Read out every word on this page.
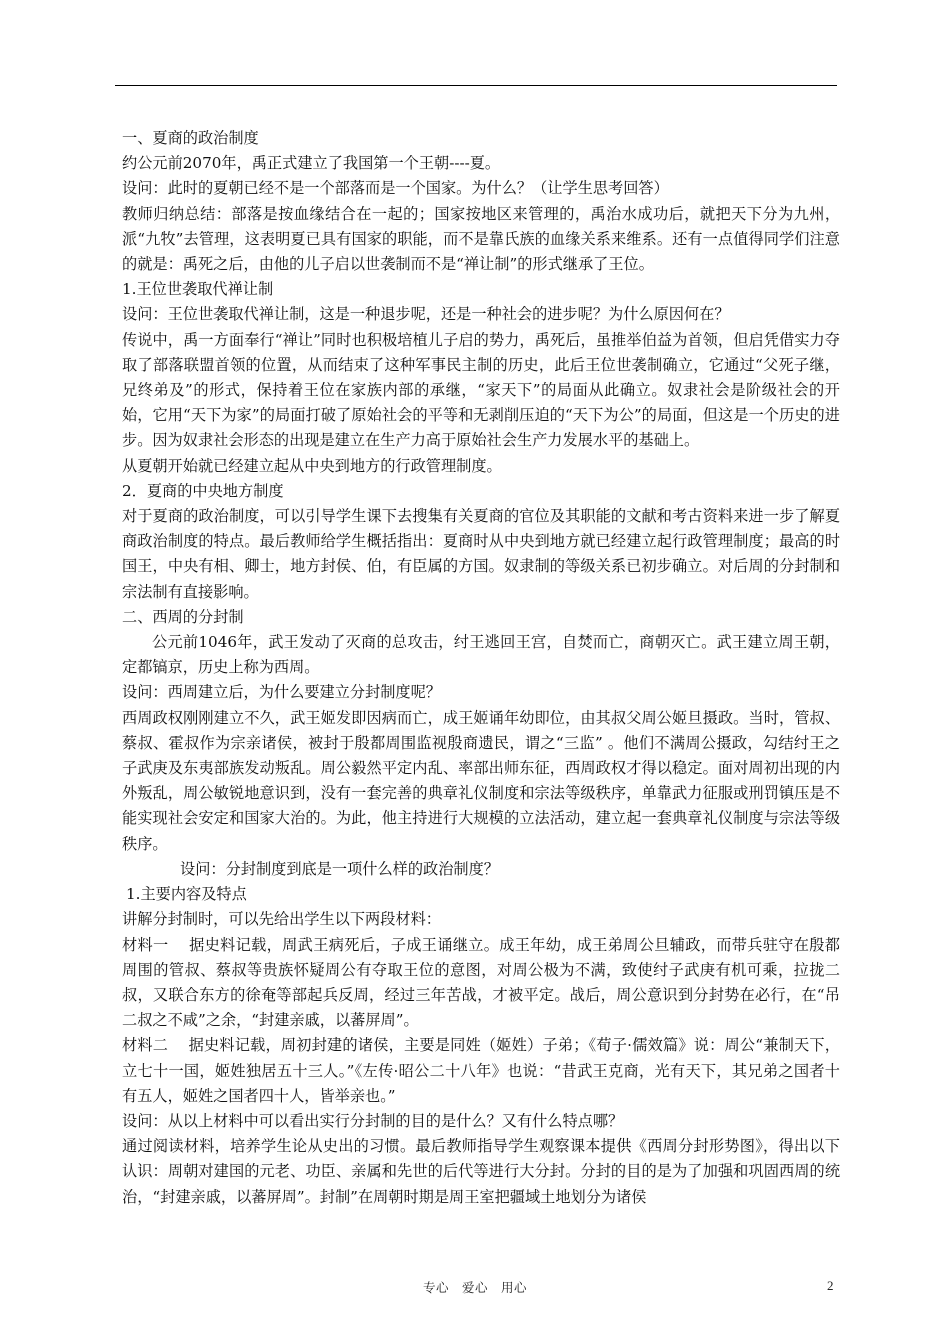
一、夏商的政治制度

约公元前2070年，禹正式建立了我国第一个王朝----夏。

设问：此时的夏朝已经不是一个部落而是一个国家。为什么？（让学生思考回答）

教师归纳总结：部落是按血缘结合在一起的；国家按地区来管理的，禹治水成功后，就把天下分为九州，派“九牧”去管理，这表明夏已具有国家的职能，而不是靠氏族的血缘关系来维系。还有一点值得同学们注意的就是：禹死之后，由他的儿子启以世袭制而不是“禅让制”的形式继承了王位。

1.王位世袭取代禅让制

设问：王位世袭取代禅让制，这是一种退步呢，还是一种社会的进步呢？为什么原因何在？

传说中，禹一方面奉行“禅让”同时也积极培植儿子启的势力，禹死后，虽推举伯益为首领，但启凭借实力夺取了部落联盟首领的位置，从而结束了这种军事民主制的历史，此后王位世袭制确立，它通过“父死子继，兄终弟及”的形式，保持着王位在家族内部的承继，“家天下”的局面从此确立。奴隶社会是阶级社会的开始，它用“天下为家”的局面打破了原始社会的平等和无剥削压迫的“天下为公”的局面，但这是一个历史的进步。因为奴隶社会形态的出现是建立在生产力高于原始社会生产力发展水平的基础上。

从夏朝开始就已经建立起从中央到地方的行政管理制度。

2．夏商的中央地方制度

对于夏商的政治制度，可以引导学生课下去搜集有关夏商的官位及其职能的文献和考古资料来进一步了解夏商政治制度的特点。最后教师给学生概括指出：夏商时从中央到地方就已经建立起行政管理制度；最高的时国王，中央有相、卿士，地方封侯、伯，有臣属的方国。奴隶制的等级关系已初步确立。对后周的分封制和宗法制有直接影响。

二、西周的分封制

公元前1046年，武王发动了灭商的总攻击，纣王逃回王宫，自焚而亡，商朝灭亡。武王建立周王朝，定都镐京，历史上称为西周。

设问：西周建立后，为什么要建立分封制度呢？

西周政权刚刚建立不久，武王姬发即因病而亡，成王姬诵年幼即位，由其叔父周公姬旦摄政。当时，管叔、蔡叔、霍叔作为宗亲诸侯，被封于殷都周围监视殷商遗民，谓之“三监” 。他们不满周公摄政，勾结纣王之子武庚及东夷部族发动叛乱。周公毅然平定内乱、率部出师东征，西周政权才得以稳定。面对周初出现的内外叛乱，周公敏锐地意识到，没有一套完善的典章礼仪制度和宗法等级秩序，单靠武力征服或刑罚镇压是不能实现社会安定和国家大治的。为此，他主持进行大规模的立法活动，建立起一套典章礼仪制度与宗法等级秩序。

设问：分封制度到底是一项什么样的政治制度？

1.主要内容及特点

讲解分封制时，可以先给出学生以下两段材料：

材料一　 据史料记载，周武王病死后，子成王诵继立。成王年幼，成王弟周公旦辅政，而带兵驻守在殷都周围的管叔、蔡叔等贵族怀疑周公有夺取王位的意图，对周公极为不满，致使纣子武庚有机可乘，拉拢二叔，又联合东方的徐奄等部起兵反周，经过三年苦战，才被平定。战后，周公意识到分封势在必行，在“吊二叔之不咸”之余，“封建亲戚，以蕃屏周”。

材料二　 据史料记载，周初封建的诸侯，主要是同姓（姬姓）子弟；《荀子·儒效篇》说：周公“兼制天下，立七十一国，姬姓独居五十三人。”《左传·昭公二十八年》也说：“昔武王克商，光有天下，其兄弟之国者十有五人，姬姓之国者四十人，皆举亲也。”

设问：从以上材料中可以看出实行分封制的目的是什么？又有什么特点哪？

通过阅读材料，培养学生论从史出的习惯。最后教师指导学生观察课本提供《西周分封形势图》，得出以下认识：周朝对建国的元老、功臣、亲属和先世的后代等进行大分封。分封的目的是为了加强和巩固西周的统治，“封建亲戚，以蕃屏周”。封制”在周朝时期是周王室把疆域土地划分为诸侯

专心　爱心　用心	2
